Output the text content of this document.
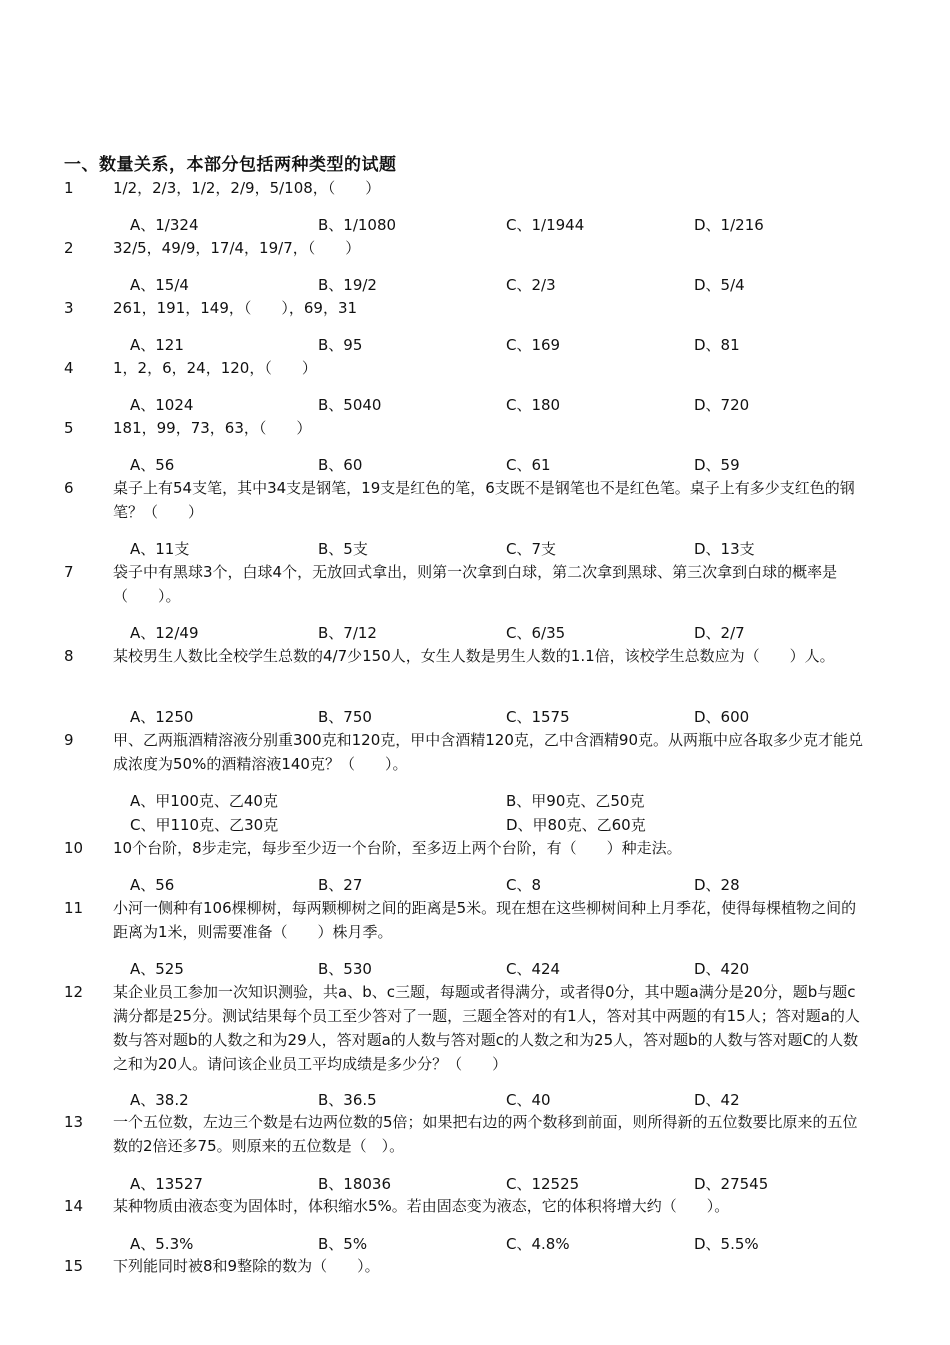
一、数量关系，本部分包括两种类型的试题
1	1/2，2/3，1/2，2/9，5/108，（　　）
A、1/324	B、1/1080	C、1/1944	D、1/216
2	32/5，49/9，17/4，19/7，（　　）
A、15/4	B、19/2	C、2/3	D、5/4
3	261，191，149，（　　），69，31
A、121	B、95	C、169	D、81
4	1，2，6，24，120，（　　）
A、1024	B、5040	C、180	D、720
5	181，99，73，63，（　　）
A、56	B、60	C、61	D、59
6	桌子上有54支笔，其中34支是钢笔，19支是红色的笔，6支既不是钢笔也不是红色笔。桌子上有多少支红色的钢笔？（　　）
A、11支	B、5支	C、7支	D、13支
7	袋子中有黑球3个，白球4个，无放回式拿出，则第一次拿到白球，第二次拿到黑球、第三次拿到白球的概率是（　　）。
A、12/49	B、7/12	C、6/35	D、2/7
8	某校男生人数比全校学生总数的4/7少150人，女生人数是男生人数的1.1倍，该校学生总数应为（　　）人。
A、1250	B、750	C、1575	D、600
9	甲、乙两瓶酒精溶液分别重300克和120克，甲中含酒精120克，乙中含酒精90克。从两瓶中应各取多少克才能兑成浓度为50%的酒精溶液140克？（　　）。
A、甲100克、乙40克	B、甲90克、乙50克
C、甲110克、乙30克	D、甲80克、乙60克
10 10个台阶，8步走完，每步至少迈一个台阶，至多迈上两个台阶，有（　　）种走法。
A、56	B、27	C、8	D、28
11 小河一侧种有106棵柳树，每两颗柳树之间的距离是5米。现在想在这些柳树间种上月季花，使得每棵植物之间的距离为1米，则需要准备（　　）株月季。
A、525	B、530	C、424	D、420
12 某企业员工参加一次知识测验，共a、b、c三题，每题或者得满分，或者得0分，其中题a满分是20分，题b与题c满分都是25分。测试结果每个员工至少答对了一题，三题全答对的有1人，答对其中两题的有15人；答对题a的人数与答对题b的人数之和为29人，答对题a的人数与答对题c的人数之和为25人，答对题b的人数与答对题C的人数之和为20人。请问该企业员工平均成绩是多少分？（　　）
A、38.2	B、36.5	C、40	D、42
13 一个五位数，左边三个数是右边两位数的5倍；如果把右边的两个数移到前面，则所得新的五位数要比原来的五位数的2倍还多75。则原来的五位数是（　）。
A、13527	B、18036	C、12525	D、27545
14 某种物质由液态变为固体时，体积缩水5%。若由固态变为液态，它的体积将增大约（　　）。
A、5.3%	B、5%	C、4.8%	D、5.5%
15 下列能同时被8和9整除的数为（　　）。
